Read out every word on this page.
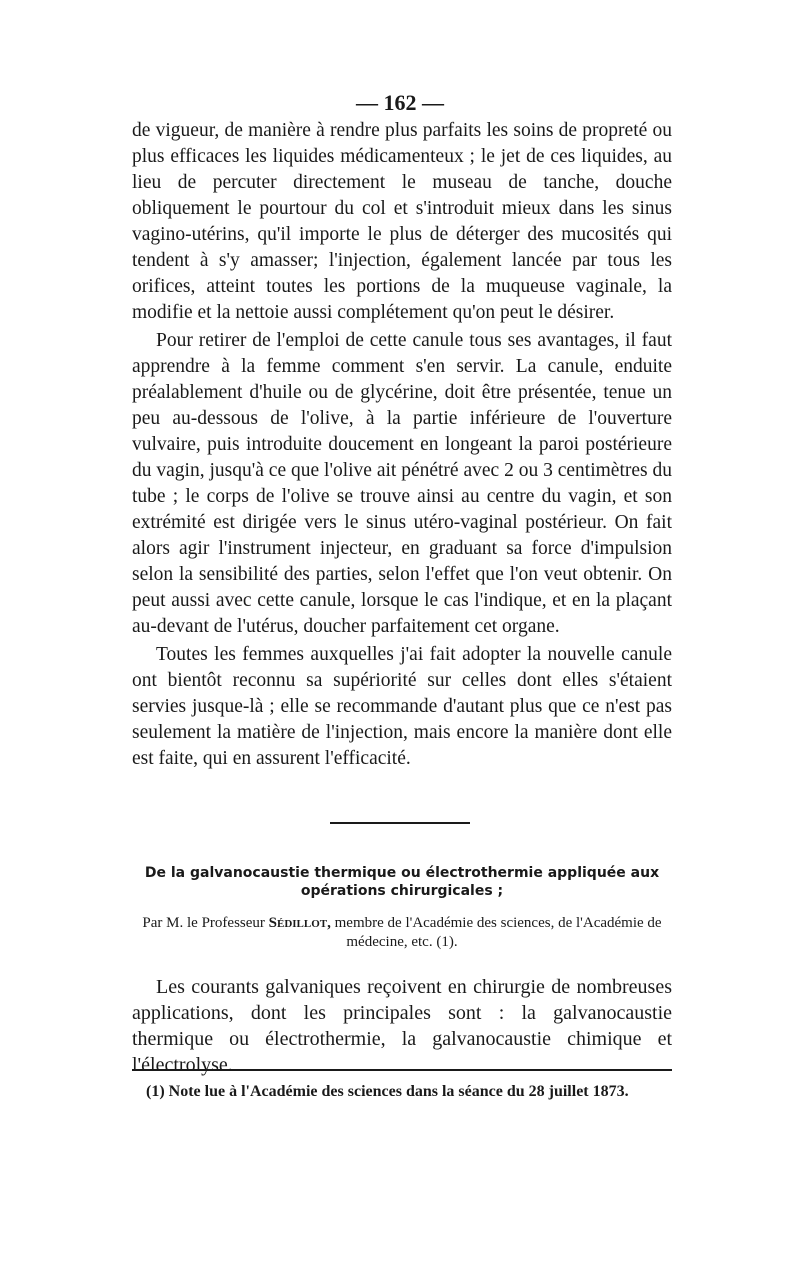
— 162 —

de vigueur, de manière à rendre plus parfaits les soins de propreté ou plus efficaces les liquides médicamenteux ; le jet de ces liquides, au lieu de percuter directement le museau de tanche, douche obliquement le pourtour du col et s'introduit mieux dans les sinus vagino-utérins, qu'il importe le plus de déterger des mucosités qui tendent à s'y amasser; l'injection, également lancée par tous les orifices, atteint toutes les portions de la muqueuse vaginale, la modifie et la nettoie aussi complétement qu'on peut le désirer.

Pour retirer de l'emploi de cette canule tous ses avantages, il faut apprendre à la femme comment s'en servir. La canule, enduite préalablement d'huile ou de glycérine, doit être présentée, tenue un peu au-dessous de l'olive, à la partie inférieure de l'ouverture vulvaire, puis introduite doucement en longeant la paroi postérieure du vagin, jusqu'à ce que l'olive ait pénétré avec 2 ou 3 centimètres du tube ; le corps de l'olive se trouve ainsi au centre du vagin, et son extrémité est dirigée vers le sinus utéro-vaginal postérieur. On fait alors agir l'instrument injecteur, en graduant sa force d'impulsion selon la sensibilité des parties, selon l'effet que l'on veut obtenir. On peut aussi avec cette canule, lorsque le cas l'indique, et en la plaçant au-devant de l'utérus, doucher parfaitement cet organe.

Toutes les femmes auxquelles j'ai fait adopter la nouvelle canule ont bientôt reconnu sa supériorité sur celles dont elles s'étaient servies jusque-là ; elle se recommande d'autant plus que ce n'est pas seulement la matière de l'injection, mais encore la manière dont elle est faite, qui en assurent l'efficacité.

De la galvanocaustie thermique ou électrothermie appliquée aux opérations chirurgicales ;
Par M. le Professeur Sédillot, membre de l'Académie des sciences, de l'Académie de médecine, etc. (1).

Les courants galvaniques reçoivent en chirurgie de nombreuses applications, dont les principales sont : la galvanocaustie thermique ou électrothermie, la galvanocaustie chimique et l'électrolyse.

(1) Note lue à l'Académie des sciences dans la séance du 28 juillet 1873.
